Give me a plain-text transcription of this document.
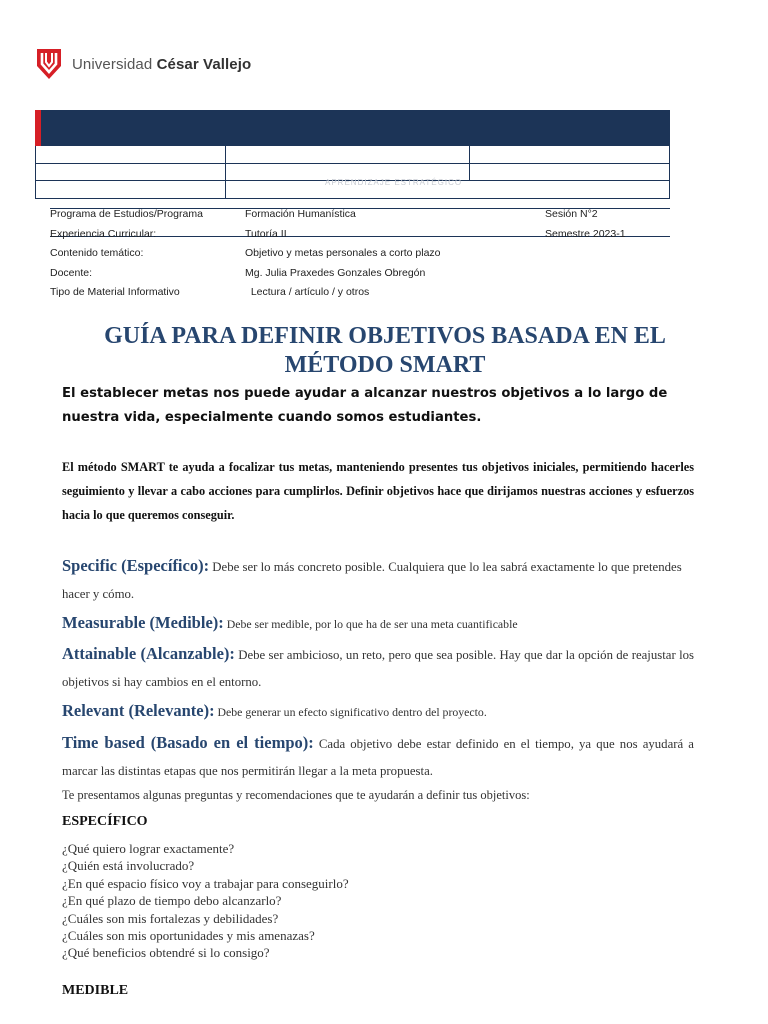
Universidad César Vallejo
APRENDIZAJE ESTRATÉGICO
Programa de Estudios/Programa	Formación Humanística	Sesión N°2
Experiencia Curricular:	Tutoría II	Semestre 2023-1
Contenido temático:	Objetivo y metas personales a corto plazo
Docente:	Mg. Julia Praxedes Gonzales Obregón
Tipo de Material Informativo	Lectura / artículo / y otros
GUÍA PARA DEFINIR OBJETIVOS BASADA EN EL
MÉTODO SMART

El establecer metas nos puede ayudar a alcanzar nuestros objetivos a lo largo de nuestra vida, especialmente cuando somos estudiantes.

El método SMART te ayuda a focalizar tus metas, manteniendo presentes tus objetivos iniciales, permitiendo hacerles seguimiento y llevar a cabo acciones para cumplirlos. Definir objetivos hace que dirijamos nuestras acciones y esfuerzos hacia lo que queremos conseguir.

Specific (Específico): Debe ser lo más concreto posible. Cualquiera que lo lea sabrá exactamente lo que pretendes hacer y cómo.

Measurable (Medible): Debe ser medible, por lo que ha de ser una meta cuantificable

Attainable (Alcanzable): Debe ser ambicioso, un reto, pero que sea posible. Hay que dar la opción de reajustar los objetivos si hay cambios en el entorno.

Relevant (Relevante): Debe generar un efecto significativo dentro del proyecto.

Time based (Basado en el tiempo): Cada objetivo debe estar definido en el tiempo, ya que nos ayudará a marcar las distintas etapas que nos permitirán llegar a la meta propuesta.

Te presentamos algunas preguntas y recomendaciones que te ayudarán a definir tus objetivos:

ESPECÍFICO
¿Qué quiero lograr exactamente?
¿Quién está involucrado?
¿En qué espacio físico voy a trabajar para conseguirlo?
¿En qué plazo de tiempo debo alcanzarlo?
¿Cuáles son mis fortalezas y debilidades?
¿Cuáles son mis oportunidades y mis amenazas?
¿Qué beneficios obtendré si lo consigo?
MEDIBLE
